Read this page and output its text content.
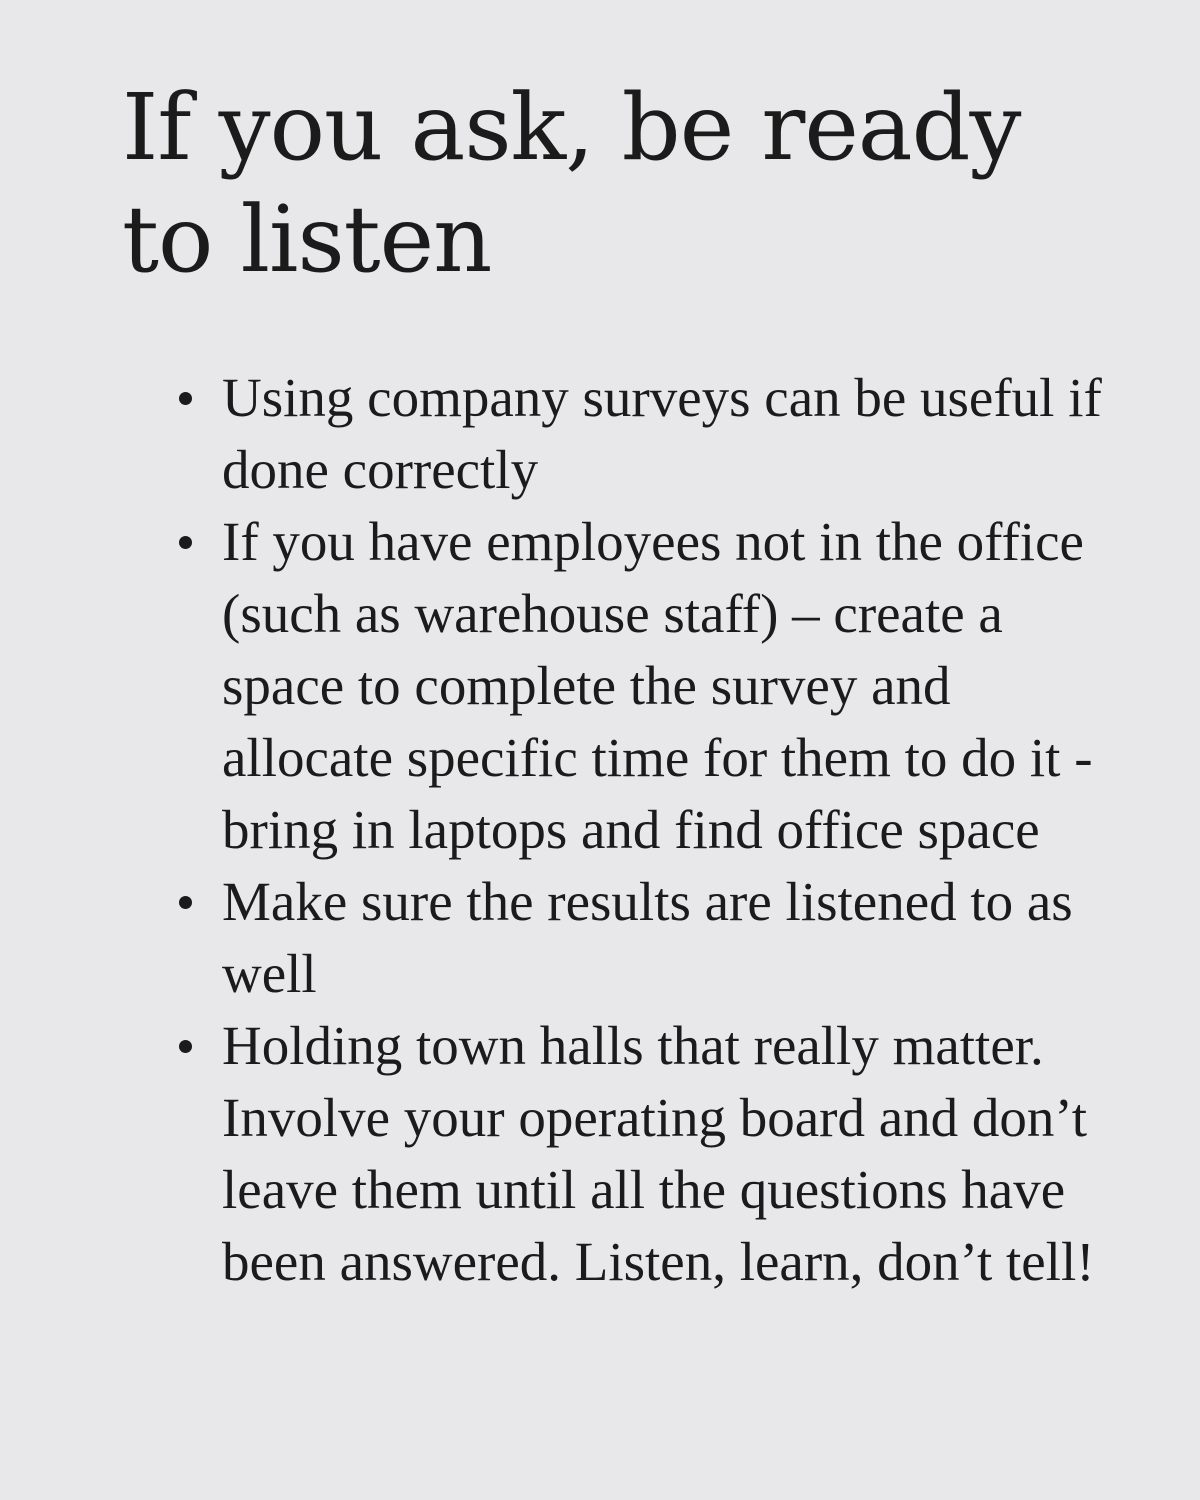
If you ask, be ready to listen
Using company surveys can be useful if done correctly
If you have employees not in the office (such as warehouse staff) – create a space to complete the survey and allocate specific time for them to do it - bring in laptops and find office space
Make sure the results are listened to as well
Holding town halls that really matter. Involve your operating board and don’t leave them until all the questions have been answered. Listen, learn, don’t tell!
